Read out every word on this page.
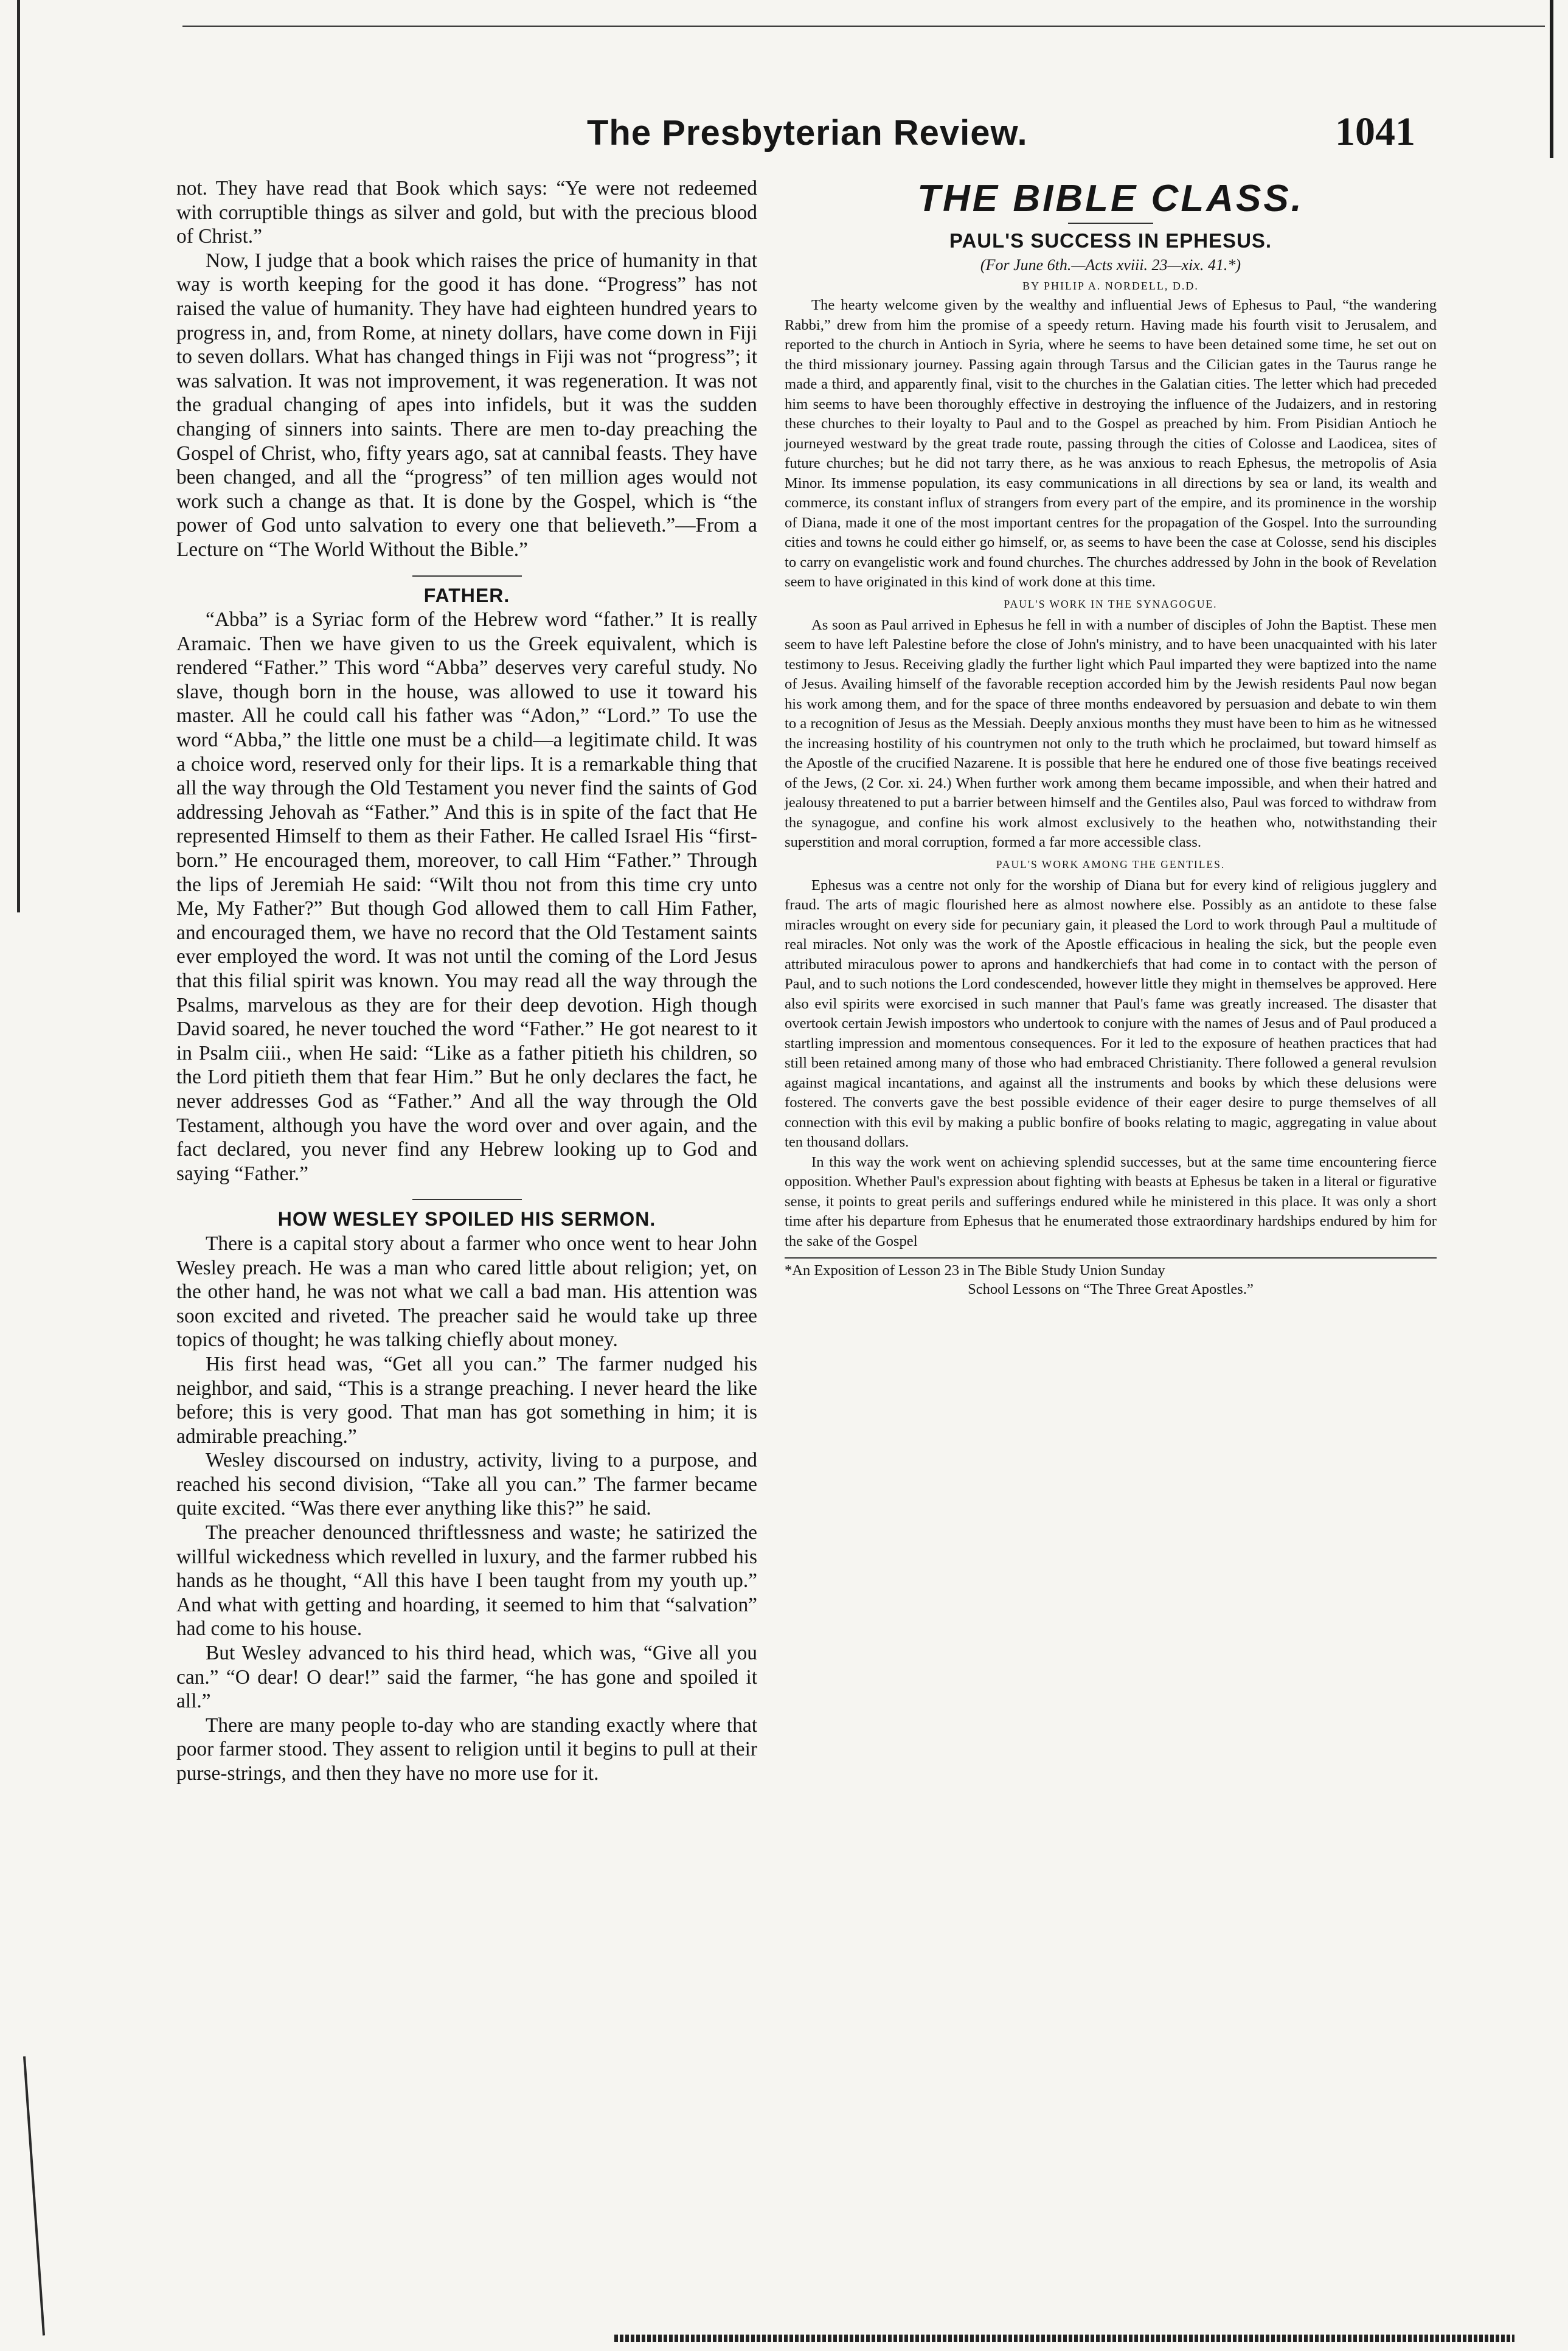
The Presbyterian Review.	1041

not. They have read that Book which says: “Ye were not redeemed with corruptible things as silver and gold, but with the precious blood of Christ.”

Now, I judge that a book which raises the price of humanity in that way is worth keeping for the good it has done. “Progress” has not raised the value of humanity. They have had eighteen hundred years to progress in, and, from Rome, at ninety dollars, have come down in Fiji to seven dollars. What has changed things in Fiji was not “progress”; it was salvation. It was not improvement, it was regeneration. It was not the gradual changing of apes into infidels, but it was the sudden changing of sinners into saints. There are men to-day preaching the Gospel of Christ, who, fifty years ago, sat at cannibal feasts. They have been changed, and all the “progress” of ten million ages would not work such a change as that. It is done by the Gospel, which is “the power of God unto salvation to every one that believeth.”—From a Lecture on “The World Without the Bible.”

FATHER.

“Abba” is a Syriac form of the Hebrew word “father.” It is really Aramaic. Then we have given to us the Greek equivalent, which is rendered “Father.” This word “Abba” deserves very careful study. No slave, though born in the house, was allowed to use it toward his master. All he could call his father was “Adon,” “Lord.” To use the word “Abba,” the little one must be a child—a legitimate child. It was a choice word, reserved only for their lips. It is a remarkable thing that all the way through the Old Testament you never find the saints of God addressing Jehovah as “Father.” And this is in spite of the fact that He represented Himself to them as their Father. He called Israel His “first-born.” He encouraged them, moreover, to call Him “Father.” Through the lips of Jeremiah He said: “Wilt thou not from this time cry unto Me, My Father?” But though God allowed them to call Him Father, and encouraged them, we have no record that the Old Testament saints ever employed the word. It was not until the coming of the Lord Jesus that this filial spirit was known. You may read all the way through the Psalms, marvelous as they are for their deep devotion. High though David soared, he never touched the word “Father.” He got nearest to it in Psalm ciii., when He said: “Like as a father pitieth his children, so the Lord pitieth them that fear Him.” But he only declares the fact, he never addresses God as “Father.” And all the way through the Old Testament, although you have the word over and over again, and the fact declared, you never find any Hebrew looking up to God and saying “Father.”

HOW WESLEY SPOILED HIS SERMON.

There is a capital story about a farmer who once went to hear John Wesley preach. He was a man who cared little about religion; yet, on the other hand, he was not what we call a bad man. His attention was soon excited and riveted. The preacher said he would take up three topics of thought; he was talking chiefly about money.

His first head was, “Get all you can.” The farmer nudged his neighbor, and said, “This is a strange preaching. I never heard the like before; this is very good. That man has got something in him; it is admirable preaching.”

Wesley discoursed on industry, activity, living to a purpose, and reached his second division, “Take all you can.” The farmer became quite excited. “Was there ever anything like this?” he said.

The preacher denounced thriftlessness and waste; he satirized the willful wickedness which revelled in luxury, and the farmer rubbed his hands as he thought, “All this have I been taught from my youth up.” And what with getting and hoarding, it seemed to him that “salvation” had come to his house.

But Wesley advanced to his third head, which was, “Give all you can.” “O dear! O dear!” said the farmer, “he has gone and spoiled it all.”

There are many people to-day who are standing exactly where that poor farmer stood. They assent to religion until it begins to pull at their purse-strings, and then they have no more use for it.

THE BIBLE CLASS.

PAUL'S SUCCESS IN EPHESUS.

(For June 6th.—Acts xviii. 23—xix. 41.*)

BY PHILIP A. NORDELL, D.D.

The hearty welcome given by the wealthy and influential Jews of Ephesus to Paul, “the wandering Rabbi,” drew from him the promise of a speedy return. Having made his fourth visit to Jerusalem, and reported to the church in Antioch in Syria, where he seems to have been detained some time, he set out on the third missionary journey. Passing again through Tarsus and the Cilician gates in the Taurus range he made a third, and apparently final, visit to the churches in the Galatian cities. The letter which had preceded him seems to have been thoroughly effective in destroying the influence of the Judaizers, and in restoring these churches to their loyalty to Paul and to the Gospel as preached by him. From Pisidian Antioch he journeyed westward by the great trade route, passing through the cities of Colosse and Laodicea, sites of future churches; but he did not tarry there, as he was anxious to reach Ephesus, the metropolis of Asia Minor. Its immense population, its easy communications in all directions by sea or land, its wealth and commerce, its constant influx of strangers from every part of the empire, and its prominence in the worship of Diana, made it one of the most important centres for the propagation of the Gospel. Into the surrounding cities and towns he could either go himself, or, as seems to have been the case at Colosse, send his disciples to carry on evangelistic work and found churches. The churches addressed by John in the book of Revelation seem to have originated in this kind of work done at this time.

PAUL'S WORK IN THE SYNAGOGUE.

As soon as Paul arrived in Ephesus he fell in with a number of disciples of John the Baptist. These men seem to have left Palestine before the close of John's ministry, and to have been unacquainted with his later testimony to Jesus. Receiving gladly the further light which Paul imparted they were baptized into the name of Jesus. Availing himself of the favorable reception accorded him by the Jewish residents Paul now began his work among them, and for the space of three months endeavored by persuasion and debate to win them to a recognition of Jesus as the Messiah. Deeply anxious months they must have been to him as he witnessed the increasing hostility of his countrymen not only to the truth which he proclaimed, but toward himself as the Apostle of the crucified Nazarene. It is possible that here he endured one of those five beatings received of the Jews, (2 Cor. xi. 24.) When further work among them became impossible, and when their hatred and jealousy threatened to put a barrier between himself and the Gentiles also, Paul was forced to withdraw from the synagogue, and confine his work almost exclusively to the heathen who, notwithstanding their superstition and moral corruption, formed a far more accessible class.

PAUL'S WORK AMONG THE GENTILES.

Ephesus was a centre not only for the worship of Diana but for every kind of religious jugglery and fraud. The arts of magic flourished here as almost nowhere else. Possibly as an antidote to these false miracles wrought on every side for pecuniary gain, it pleased the Lord to work through Paul a multitude of real miracles. Not only was the work of the Apostle efficacious in healing the sick, but the people even attributed miraculous power to aprons and handkerchiefs that had come in to contact with the person of Paul, and to such notions the Lord condescended, however little they might in themselves be approved. Here also evil spirits were exorcised in such manner that Paul's fame was greatly increased. The disaster that overtook certain Jewish impostors who undertook to conjure with the names of Jesus and of Paul produced a startling impression and momentous consequences. For it led to the exposure of heathen practices that had still been retained among many of those who had embraced Christianity. There followed a general revulsion against magical incantations, and against all the instruments and books by which these delusions were fostered. The converts gave the best possible evidence of their eager desire to purge themselves of all connection with this evil by making a public bonfire of books relating to magic, aggregating in value about ten thousand dollars.

In this way the work went on achieving splendid successes, but at the same time encountering fierce opposition. Whether Paul's expression about fighting with beasts at Ephesus be taken in a literal or figurative sense, it points to great perils and sufferings endured while he ministered in this place. It was only a short time after his departure from Ephesus that he enumerated those extraordinary hardships endured by him for the sake of the Gospel

*An Exposition of Lesson 23 in The Bible Study Union Sunday
School Lessons on “The Three Great Apostles.”
